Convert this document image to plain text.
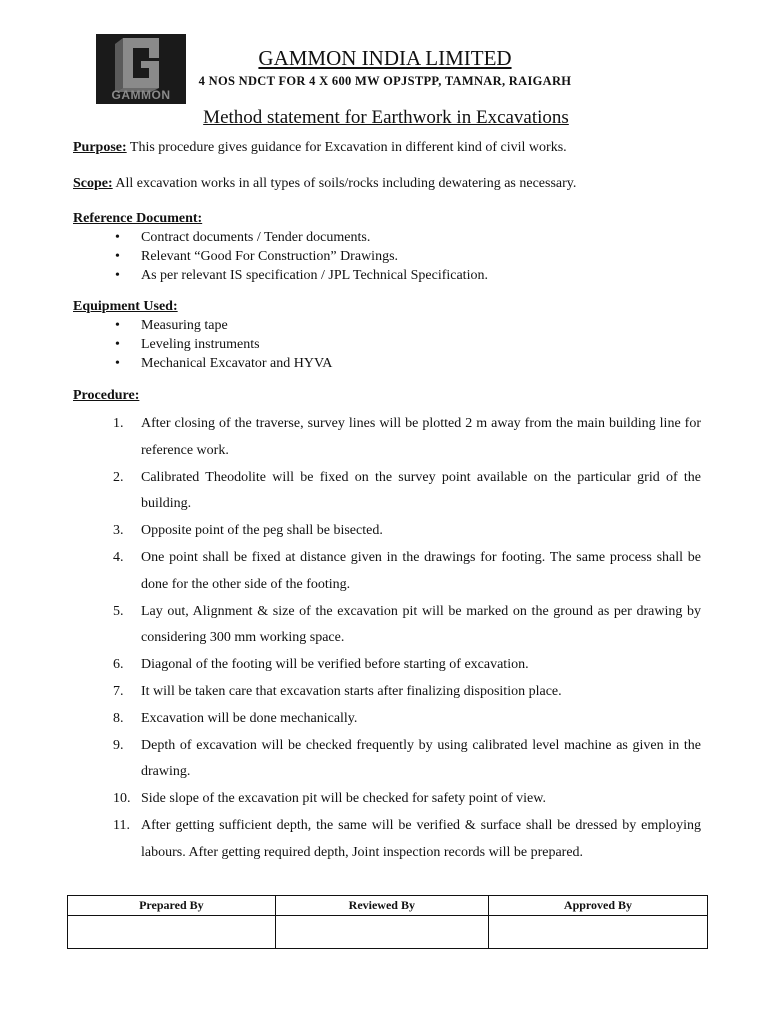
GAMMON
GAMMON INDIA LIMITED
4 NOS NDCT FOR 4 X 600 MW OPJSTPP, TAMNAR, RAIGARH
Method statement for Earthwork in Excavations
Purpose: This procedure gives guidance for Excavation in different kind of civil works.
Scope: All excavation works in all types of soils/rocks including dewatering as necessary.
Reference Document:
•	Contract documents / Tender documents.
•	Relevant “Good For Construction” Drawings.
•	As per relevant IS specification / JPL Technical Specification.
Equipment Used:
•	Measuring tape
•	Leveling instruments
•	Mechanical Excavator and HYVA
Procedure:
1.	After closing of the traverse, survey lines will be plotted 2 m away from the main building line for reference work.
2.	Calibrated Theodolite will be fixed on the survey point available on the particular grid of the building.
3.	Opposite point of the peg shall be bisected.
4.	One point shall be fixed at distance given in the drawings for footing. The same process shall be done for the other side of the footing.
5.	Lay out, Alignment & size of the excavation pit will be marked on the ground as per drawing by considering 300 mm working space.
6.	Diagonal of the footing will be verified before starting of excavation.
7.	It will be taken care that excavation starts after finalizing disposition place.
8.	Excavation will be done mechanically.
9.	Depth of excavation will be checked frequently by using calibrated level machine as given in the drawing.
10. Side slope of the excavation pit will be checked for safety point of view.
11. After getting sufficient depth, the same will be verified & surface shall be dressed by employing labours. After getting required depth, Joint inspection records will be prepared.
Prepared By	Reviewed By	Approved By
